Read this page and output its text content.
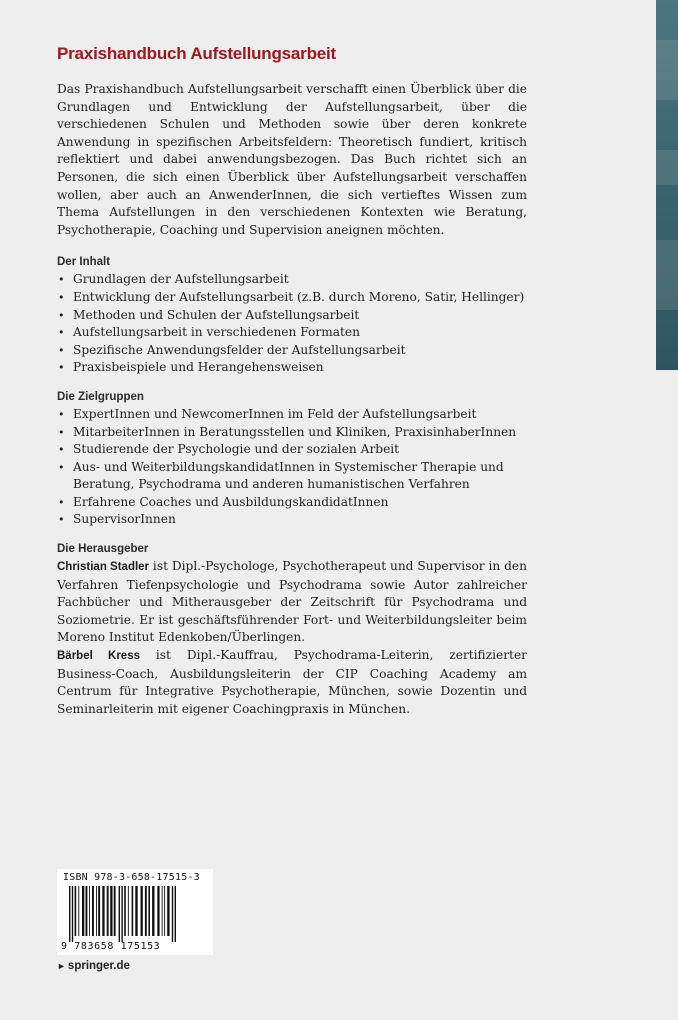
Praxishandbuch Aufstellungsarbeit

Das Praxishandbuch Aufstellungsarbeit verschafft einen Überblick über die Grundlagen und Entwicklung der Aufstellungsarbeit, über die verschiedenen Schulen und Methoden sowie über deren konkrete Anwendung in spezifischen Arbeitsfeldern: Theoretisch fundiert, kritisch reflektiert und dabei anwendungsbezogen. Das Buch richtet sich an Personen, die sich einen Überblick über Aufstellungsarbeit verschaffen wollen, aber auch an AnwenderInnen, die sich vertieftes Wissen zum Thema Aufstellungen in den verschiedenen Kontexten wie Beratung, Psychotherapie, Coaching und Supervision aneignen möchten.

Der Inhalt
• Grundlagen der Aufstellungsarbeit
• Entwicklung der Aufstellungsarbeit (z.B. durch Moreno, Satir, Hellinger)
• Methoden und Schulen der Aufstellungsarbeit
• Aufstellungsarbeit in verschiedenen Formaten
• Spezifische Anwendungsfelder der Aufstellungsarbeit
• Praxisbeispiele und Herangehensweisen
Die Zielgruppen
• ExpertInnen und NewcomerInnen im Feld der Aufstellungsarbeit
• MitarbeiterInnen in Beratungsstellen und Kliniken, PraxisinhaberInnen
• Studierende der Psychologie und der sozialen Arbeit
• Aus- und WeiterbildungskandidatInnen in Systemischer Therapie und Beratung, Psychodrama und anderen humanistischen Verfahren
• Erfahrene Coaches und AusbildungskandidatInnen
• SupervisorInnen
Die Herausgeber

Christian Stadler ist Dipl.-Psychologe, Psychotherapeut und Supervisor in den Verfahren Tiefenpsychologie und Psychodrama sowie Autor zahlreicher Fachbücher und Mitherausgeber der Zeitschrift für Psychodrama und Soziometrie. Er ist geschäftsführender Fort- und Weiterbildungsleiter beim Moreno Institut Edenkoben/Überlingen.

Bärbel Kress ist Dipl.-Kauffrau, Psychodrama-Leiterin, zertifizierter Business-Coach, Ausbildungsleiterin der CIP Coaching Academy am Centrum für Integrative Psychotherapie, München, sowie Dozentin und Seminarleiterin mit eigener Coachingpraxis in München.

ISBN 978-3-658-17515-3
9 783658 175153
► springer.de
